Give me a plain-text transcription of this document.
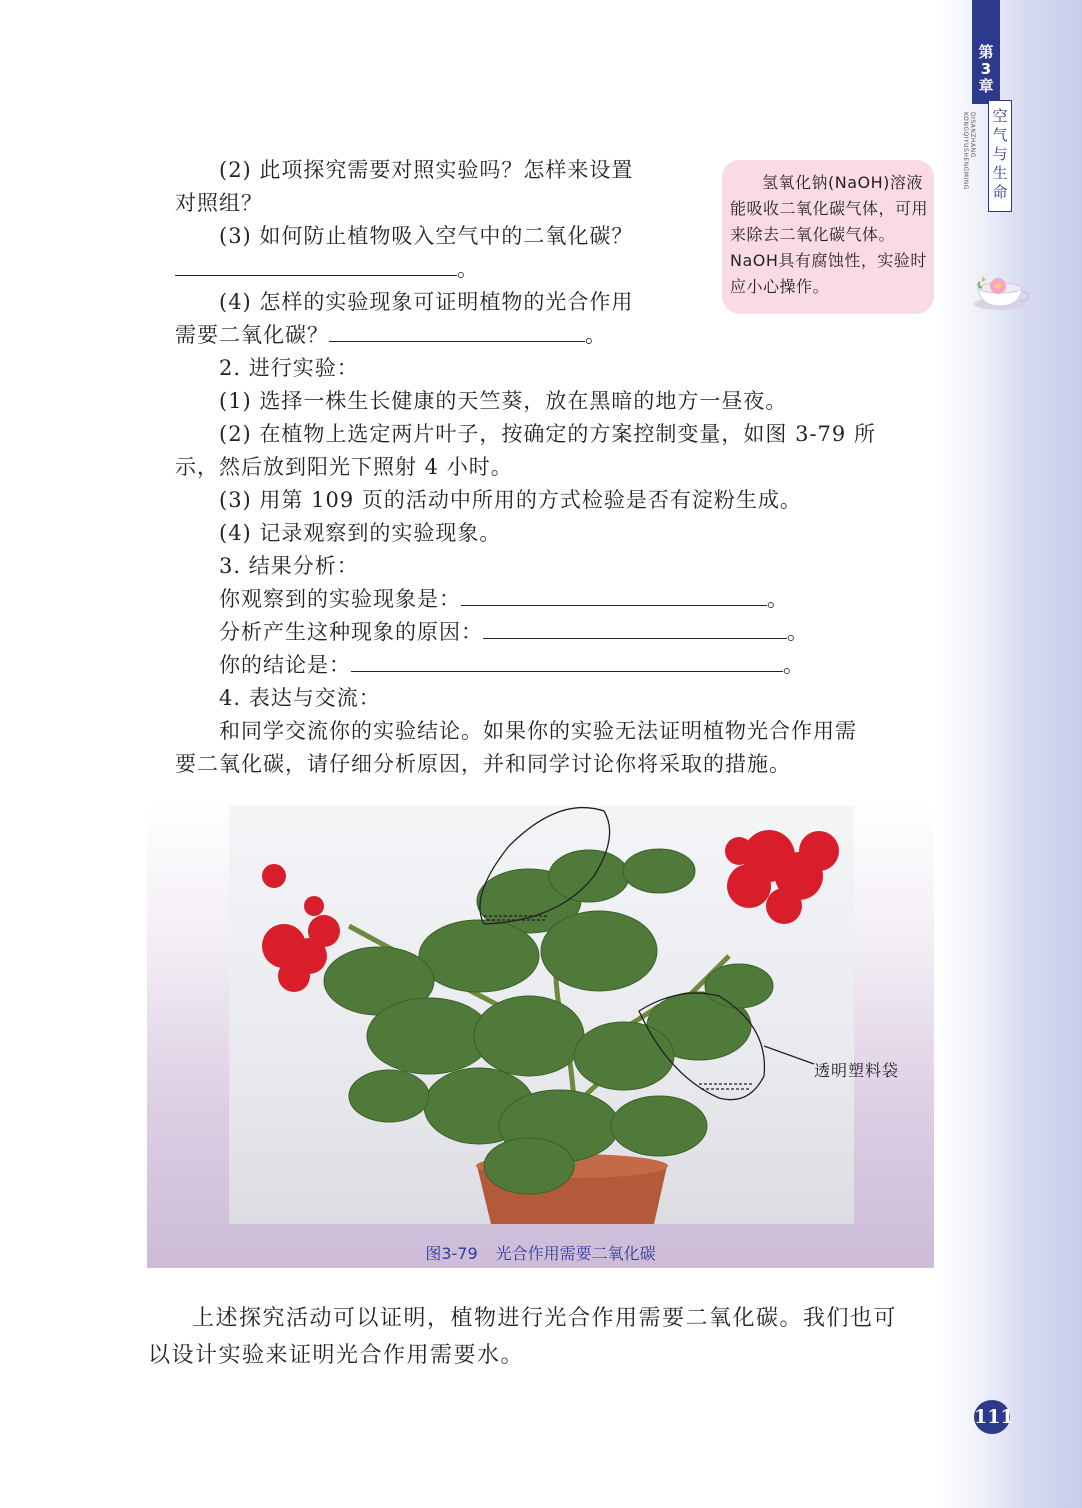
第
3
章
空气与生命
DISANZHANG KONGQIYUSHENGMING

(2) 此项探究需要对照实验吗？怎样来设置

对照组？

(3) 如何防止植物吸入空气中的二氧化碳？

。

(4) 怎样的实验现象可证明植物的光合作用

需要二氧化碳？	。

2. 进行实验：

(1) 选择一株生长健康的天竺葵，放在黑暗的地方一昼夜。

(2) 在植物上选定两片叶子，按确定的方案控制变量，如图 3-79 所

示，然后放到阳光下照射 4 小时。

(3) 用第 109 页的活动中所用的方式检验是否有淀粉生成。

(4) 记录观察到的实验现象。

3. 结果分析：

你观察到的实验现象是：	。

分析产生这种现象的原因：	。

你的结论是：	。

4. 表达与交流：

和同学交流你的实验结论。如果你的实验无法证明植物光合作用需

要二氧化碳，请仔细分析原因，并和同学讨论你将采取的措施。

氢氧化钠(NaOH)溶液能吸收二氧化碳气体，可用来除去二氧化碳气体。NaOH具有腐蚀性，实验时应小心操作。
透明塑料袋
图3-79 光合作用需要二氧化碳

上述探究活动可以证明，植物进行光合作用需要二氧化碳。我们也可

以设计实验来证明光合作用需要水。

111
